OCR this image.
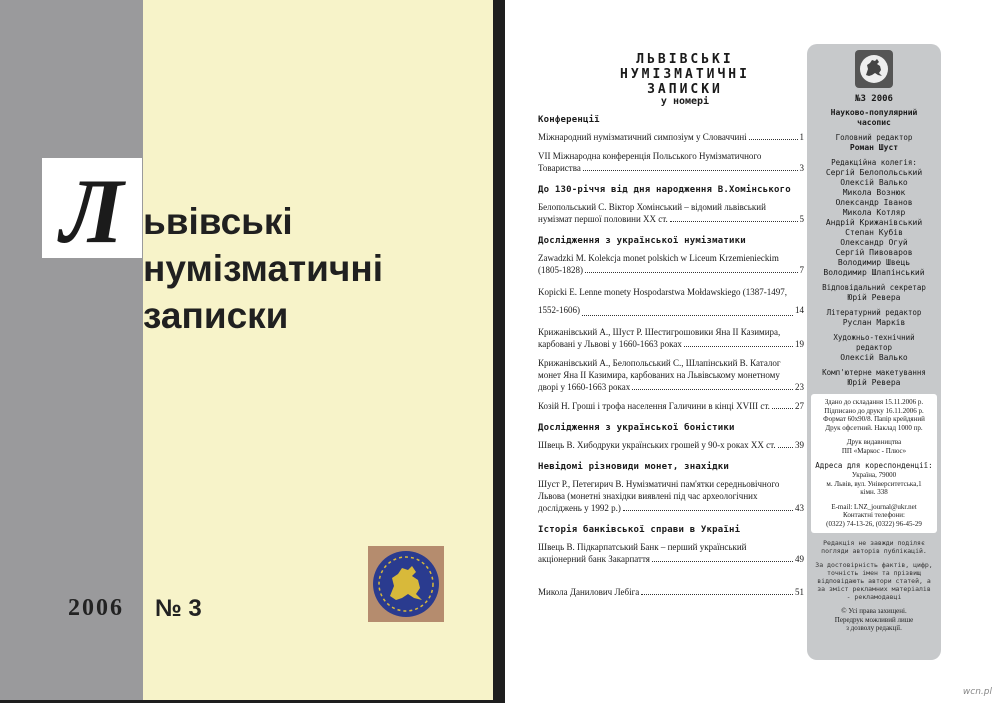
Л ьвівські
нумізматичні
записки
2006 № 3
ЛЬВІВСЬКІ
НУМІЗМАТИЧНІ
ЗАПИСКИ
у номері
Конференції
Міжнародний нумізматичний симпозіум у Словаччині	1
VII Міжнародна конференція Польського Нумізматичного
Товариства	3
До 130-річчя від дня народження В.Хомінського
Белопольський С. Віктор Хомінський – відомий львівський
нумізмат першої половини XX ст.	5
Дослідження з української нумізматики
Zawadzki M. Kolekcja monet polskich w Liceum Krzemienieckim
(1805-1828)	7
Kopicki E. Lenne monety Hospodarstwa Mołdawskiego (1387-1497,
1552-1606)	14
Крижанівський А., Шуст Р. Шестигрошовики Яна II Казимира,
карбовані у Львові у 1660-1663 роках	19
Крижанівський А., Белопольський С., Шлапінський В. Каталог
монет Яна II Казимира, карбованих на Львівському монетному
дворі у 1660-1663 роках	23
Козій Н. Гроші і трофа населення Галичини в кінці XVIII ст.	27
Дослідження з української боністики
Швець В. Хибодруки українських грошей у 90-х роках XX ст. 39
Невідомі різновиди монет, знахідки
Шуст Р., Петегирич В. Нумізматичні пам'ятки середньовічного
Львова (монетні знахідки виявлені під час археологічних
досліджень у 1992 р.)	43
Історія банківської справи в Україні
Швець В. Підкарпатський Банк – перший український
акціонерний банк Закарпаття	49
Микола Данилович Лебіга	51
№3 2006
Науково-популярний
часопис
Головний редактор
Роман Шуст
Редакційна колегія:
Сергій Белопольський
Олексій Валько
Микола Вознюк
Олександр Іванов
Микола Котляр
Андрій Крижанівський
Степан Кубів
Олександр Огуй
Сергій Пивоваров
Володимир Швець
Володимир Шлапінський
Відповідальний секретар
Юрій Ревера
Літературний редактор
Руслан Марків
Художньо-технічний
редактор
Олексій Валько
Комп'ютерне макетування
Юрій Ревера
Здано до складання 15.11.2006 р.
Підписано до друку 16.11.2006 р.
Формат 60х90/8. Папір крейдяний
Друк офсетний. Наклад 1000 пр.
Друк видавництва
ПП «Маркос - Плюс»
Адреса для кореспонденції:
Україна, 79000
м. Львів, вул. Університетська,1
кімн. 338
E-mail: LNZ_journal@ukr.net
Контактні телефони:
(0322) 74-13-26, (0322) 96-45-29
Редакція не завжди поділяє
погляди авторів публікацій.
За достовірність фактів, цифр,
точність імен та прізвищ
відповідають автори статей, а
за зміст рекламних матеріалів
- рекламодавці
© Усі права захищені.
Передрук можливий лише
з дозволу редакції.
wcn.pl
